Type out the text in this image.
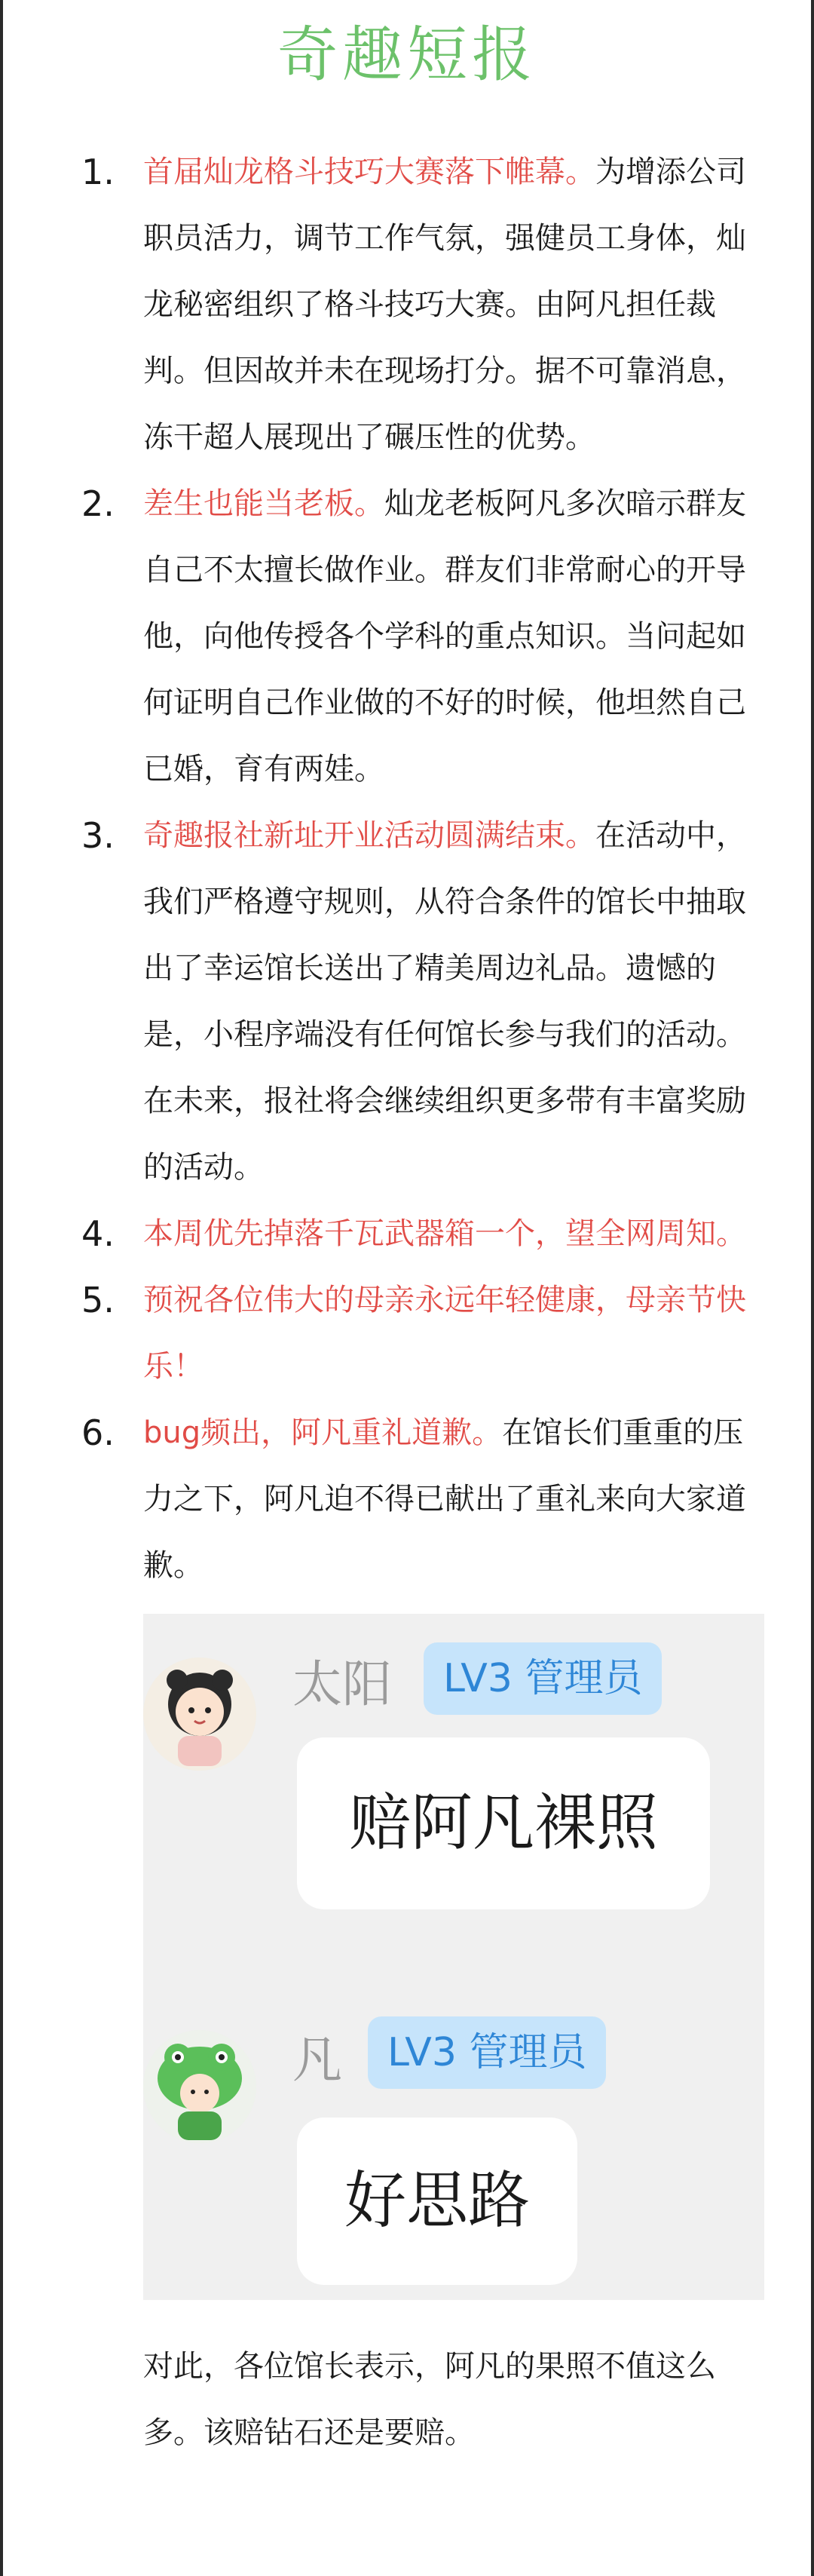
奇趣短报
1. 首届灿龙格斗技巧大赛落下帷幕。为增添公司职员活力，调节工作气氛，强健员工身体，灿龙秘密组织了格斗技巧大赛。由阿凡担任裁判。但因故并未在现场打分。据不可靠消息，冻干超人展现出了碾压性的优势。
2. 差生也能当老板。灿龙老板阿凡多次暗示群友自己不太擅长做作业。群友们非常耐心的开导他，向他传授各个学科的重点知识。当问起如何证明自己作业做的不好的时候，他坦然自己已婚，育有两娃。
3. 奇趣报社新址开业活动圆满结束。在活动中，我们严格遵守规则，从符合条件的馆长中抽取出了幸运馆长送出了精美周边礼品。遗憾的是，小程序端没有任何馆长参与我们的活动。在未来，报社将会继续组织更多带有丰富奖励的活动。
4. 本周优先掉落千瓦武器箱一个，望全网周知。
5. 预祝各位伟大的母亲永远年轻健康，母亲节快乐！
6. bug频出，阿凡重礼道歉。在馆长们重重的压力之下，阿凡迫不得已献出了重礼来向大家道歉。
太阳	LV3 管理员
赔阿凡裸照
凡	LV3 管理员
好思路
对此，各位馆长表示，阿凡的果照不值这么多。该赔钻石还是要赔。
